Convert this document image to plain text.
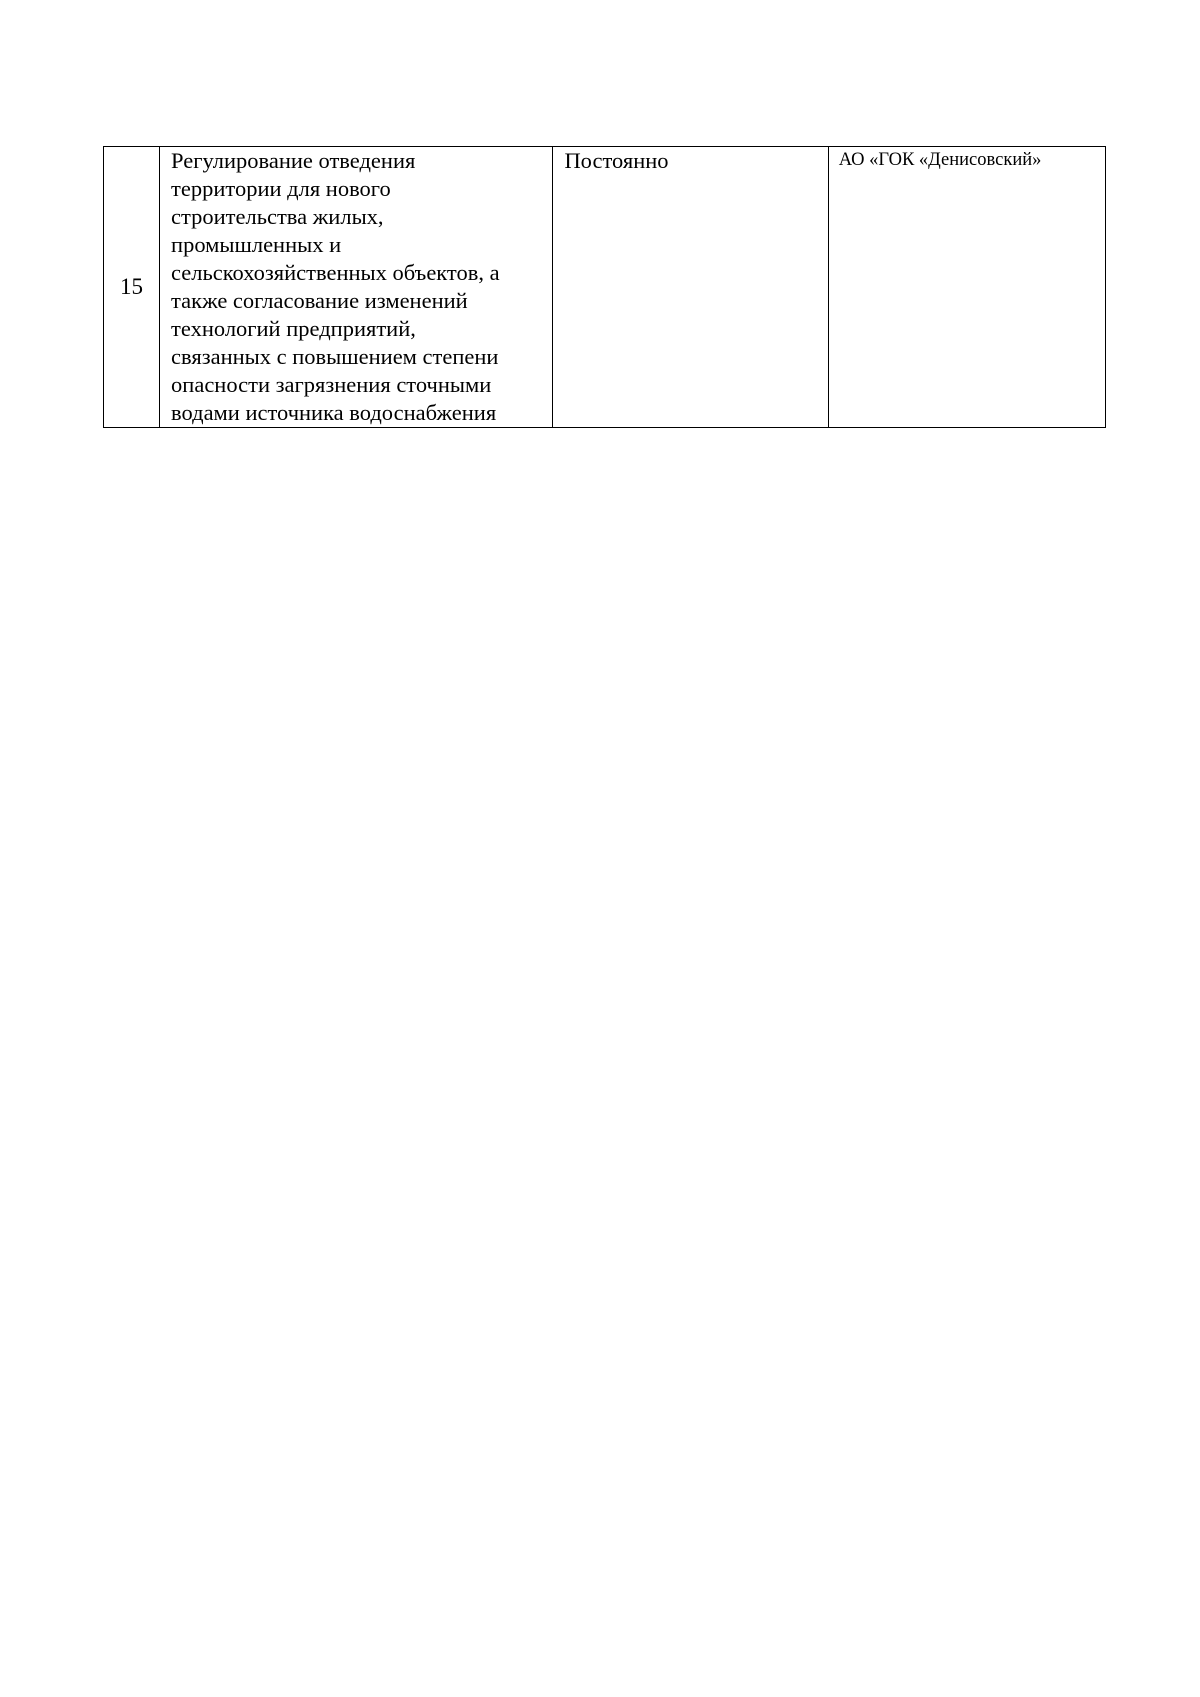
15	Регулирование отведения
территории для нового
строительства жилых,
промышленных и
сельскохозяйственных объектов, а
также согласование изменений
технологий предприятий,
связанных с повышением степени
опасности загрязнения сточными
водами источника водоснабжения	Постоянно	АО «ГОК «Денисовский»
